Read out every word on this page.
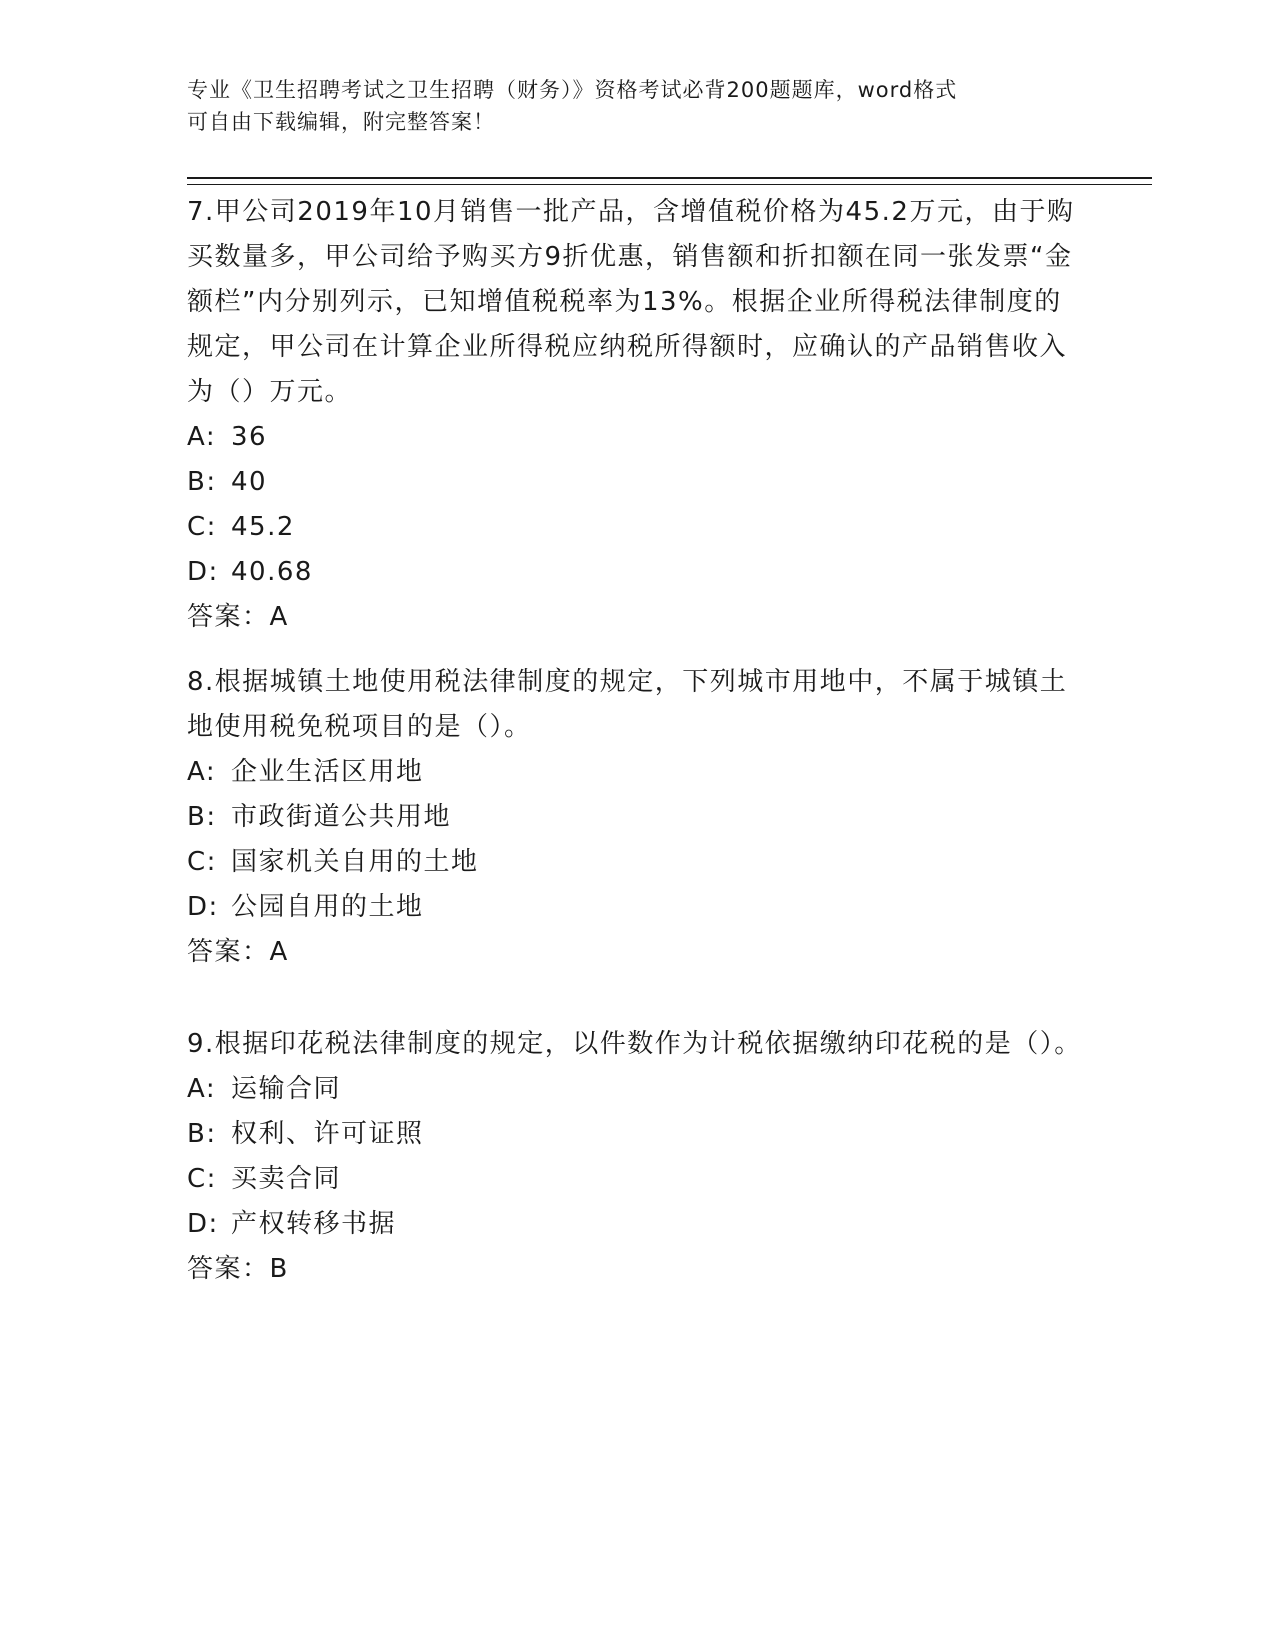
专业《卫生招聘考试之卫生招聘（财务）》资格考试必背200题题库，word格式
可自由下载编辑，附完整答案！
7.甲公司2019年10月销售一批产品，含增值税价格为45.2万元，由于购买数量多，甲公司给予购买方9折优惠，销售额和折扣额在同一张发票“金额栏”内分别列示，已知增值税税率为13%。根据企业所得税法律制度的规定，甲公司在计算企业所得税应纳税所得额时，应确认的产品销售收入为（）万元。
A: 36
B: 40
C: 45.2
D: 40.68
答案：A
8.根据城镇土地使用税法律制度的规定，下列城市用地中，不属于城镇土地使用税免税项目的是（）。
A: 企业生活区用地
B: 市政街道公共用地
C: 国家机关自用的土地
D: 公园自用的土地
答案：A
9.根据印花税法律制度的规定，以件数作为计税依据缴纳印花税的是（）。
A: 运输合同
B: 权利、许可证照
C: 买卖合同
D: 产权转移书据
答案：B
